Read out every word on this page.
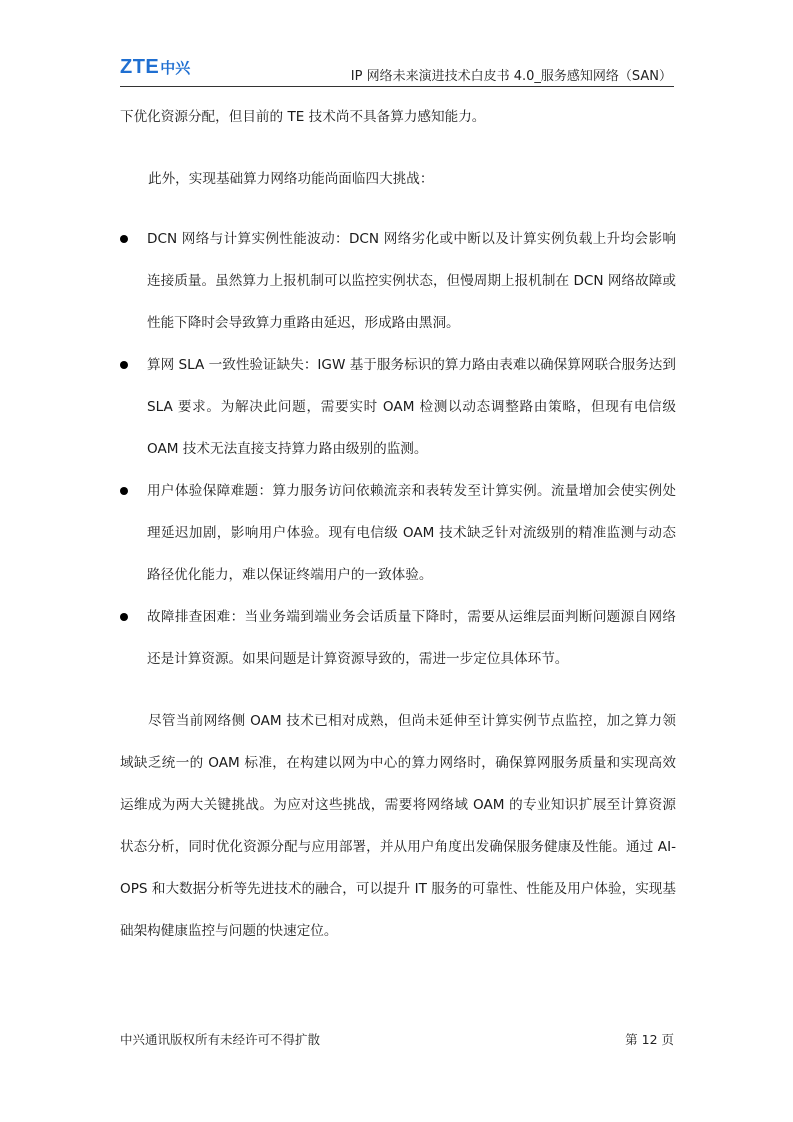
ZTE 中兴	IP 网络未来演进技术白皮书 4.0_服务感知网络（SAN）

下优化资源分配，但目前的 TE 技术尚不具备算力感知能力。

此外，实现基础算力网络功能尚面临四大挑战：

DCN 网络与计算实例性能波动：DCN 网络劣化或中断以及计算实例负载上升均会影响连接质量。虽然算力上报机制可以监控实例状态，但慢周期上报机制在 DCN 网络故障或性能下降时会导致算力重路由延迟，形成路由黑洞。
算网 SLA 一致性验证缺失：IGW 基于服务标识的算力路由表难以确保算网联合服务达到 SLA 要求。为解决此问题，需要实时 OAM 检测以动态调整路由策略，但现有电信级 OAM 技术无法直接支持算力路由级别的监测。
用户体验保障难题：算力服务访问依赖流亲和表转发至计算实例。流量增加会使实例处理延迟加剧，影响用户体验。现有电信级 OAM 技术缺乏针对流级别的精准监测与动态路径优化能力，难以保证终端用户的一致体验。
故障排查困难：当业务端到端业务会话质量下降时，需要从运维层面判断问题源自网络还是计算资源。如果问题是计算资源导致的，需进一步定位具体环节。

尽管当前网络侧 OAM 技术已相对成熟，但尚未延伸至计算实例节点监控，加之算力领域缺乏统一的 OAM 标准，在构建以网为中心的算力网络时，确保算网服务质量和实现高效运维成为两大关键挑战。为应对这些挑战，需要将网络域 OAM 的专业知识扩展至计算资源状态分析，同时优化资源分配与应用部署，并从用户角度出发确保服务健康及性能。通过 AI-OPS 和大数据分析等先进技术的融合，可以提升 IT 服务的可靠性、性能及用户体验，实现基础架构健康监控与问题的快速定位。

中兴通讯版权所有未经许可不得扩散	第 12 页
